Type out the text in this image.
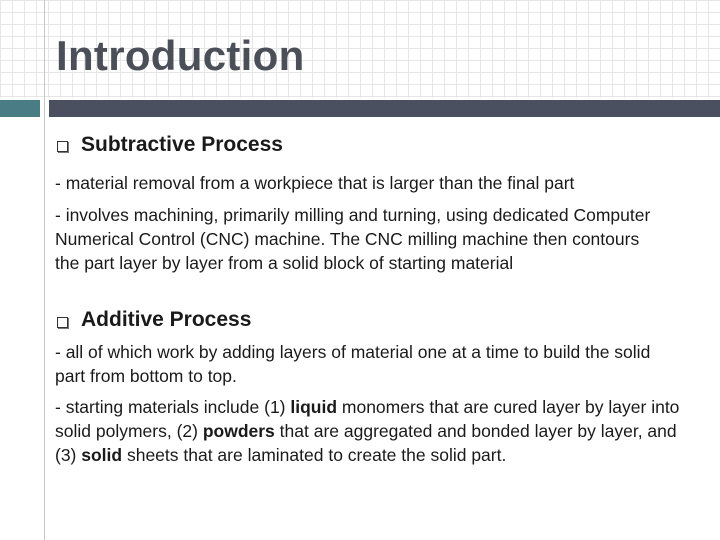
Introduction
Subtractive Process

- material removal from a workpiece that is larger than the final part

- involves machining, primarily milling and turning, using dedicated Computer Numerical Control (CNC) machine. The CNC milling machine then contours the part layer by layer from a solid block of starting material

Additive Process

- all of which work by adding layers of material one at a time to build the solid part from bottom to top.

- starting materials include (1) liquid monomers that are cured layer by layer into solid polymers, (2) powders that are aggregated and bonded layer by layer, and (3) solid sheets that are laminated to create the solid part.
